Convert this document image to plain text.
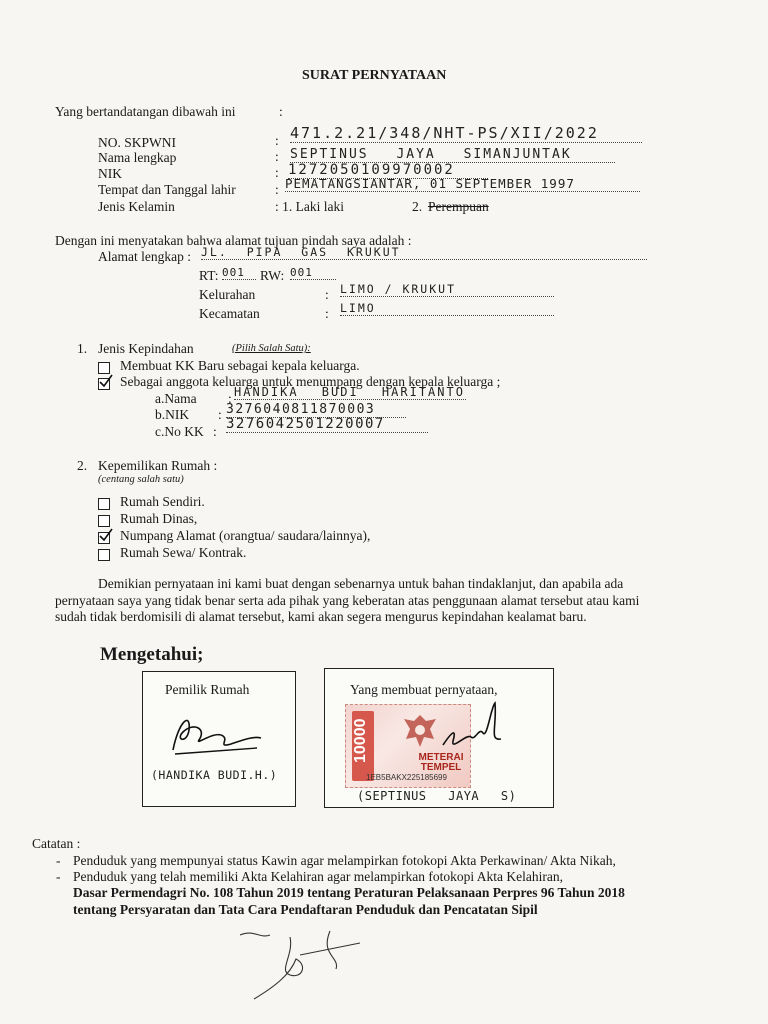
SURAT PERNYATAAN
Yang bertandatangan dibawah ini	:
NO. SKPWNI	: 471.2.21/348/NHT-PS/XII/2022
Nama lengkap	: SEPTINUS JAYA SIMANJUNTAK
NIK	: 1272050109970002
Tempat dan Tanggal lahir	: PEMATANGSIANTAR, 01 SEPTEMBER 1997
Jenis Kelamin	: 1. Laki laki	2. Perempuan
Dengan ini menyatakan bahwa alamat tujuan pindah saya adalah :
Alamat lengkap : JL. PIPA GAS KRUKUT
RT: 001	RW: 001
Kelurahan	: LIMO / KRUKUT
Kecamatan	: LIMO
1. Jenis Kepindahan	(Pilih Salah Satu):
Membuat KK Baru sebagai kepala keluarga.
Sebagai anggota keluarga untuk menumpang dengan kepala keluarga ;
a.Nama : HANDIKA BUDI HARITANTO
b.NIK : 3276040811870003
c.No KK : 3276042501220007
2. Kepemilikan Rumah :
(centang salah satu)
Rumah Sendiri.
Rumah Dinas,
Numpang Alamat (orangtua/ saudara/lainnya),
Rumah Sewa/ Kontrak.
Demikian pernyataan ini kami buat dengan sebenarnya untuk bahan tindaklanjut, dan apabila ada
pernyataan saya yang tidak benar serta ada pihak yang keberatan atas penggunaan alamat tersebut atau kami
sudah tidak berdomisili di alamat tersebut, kami akan segera mengurus kepindahan kealamat baru.
Mengetahui;
Pemilik Rumah
(HANDIKA BUDI.H.)
Yang membuat pernyataan,
10000	METERAI TEMPEL
1EB5BAKX225185699
(SEPTINUS JAYA S)
Catatan :
- Penduduk yang mempunyai status Kawin agar melampirkan fotokopi Akta Perkawinan/ Akta Nikah,
- Penduduk yang telah memiliki Akta Kelahiran agar melampirkan fotokopi Akta Kelahiran,
Dasar Permendagri No. 108 Tahun 2019 tentang Peraturan Pelaksanaan Perpres 96 Tahun 2018
tentang Persyaratan dan Tata Cara Pendaftaran Penduduk dan Pencatatan Sipil
